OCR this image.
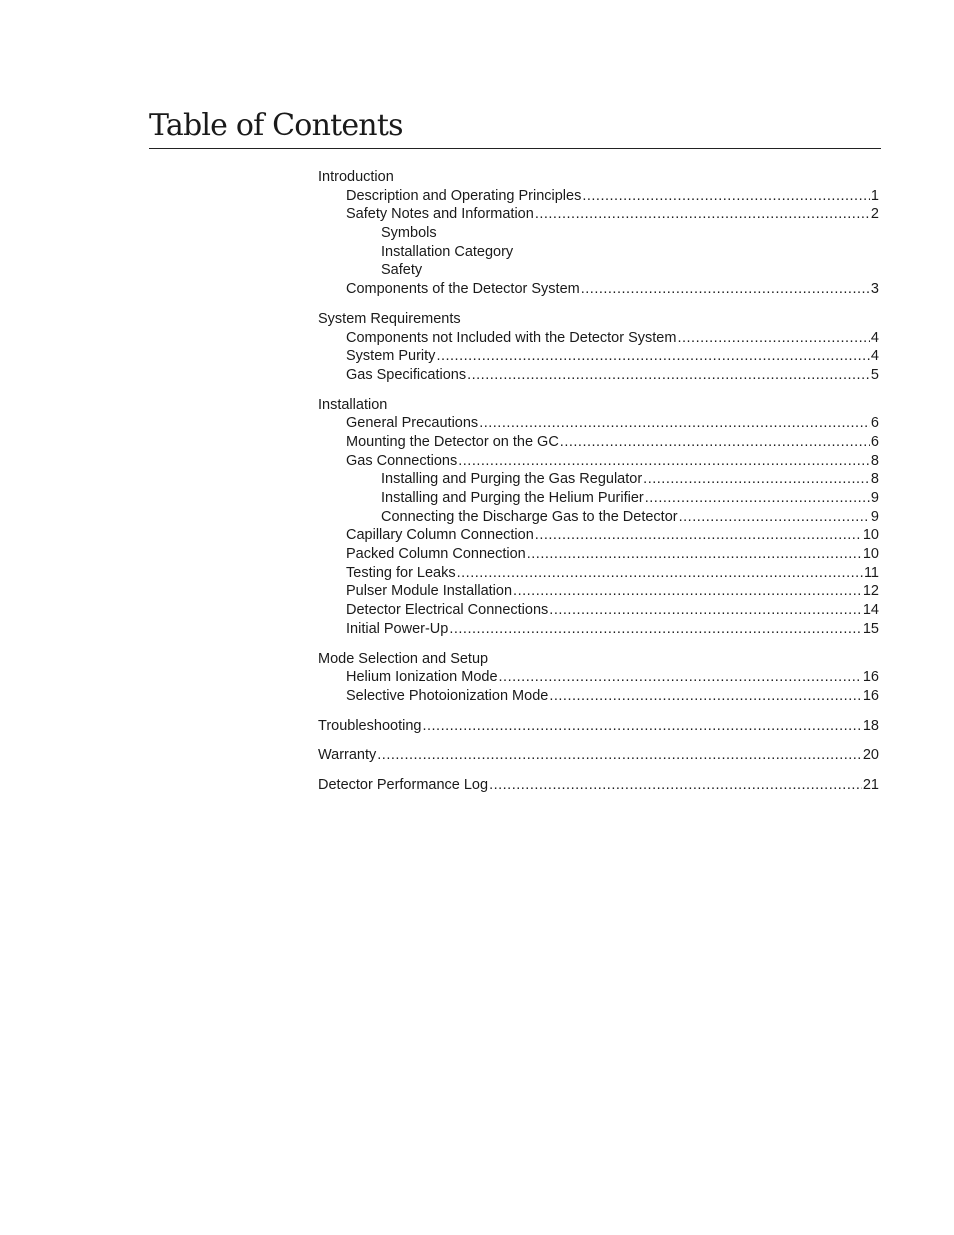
Table of Contents
Introduction
Description and Operating Principles .....	1
Safety Notes and Information .....	2
Symbols
Installation Category
Safety
Components of the Detector System .....	3
System Requirements
Components not Included with the Detector System .....	4
System Purity .....	4
Gas Specifications .....	5
Installation
General Precautions .....	6
Mounting the Detector on the GC .....	6
Gas Connections .....	8
Installing and Purging the Gas Regulator .....	8
Installing and Purging the Helium Purifier .....	9
Connecting the Discharge Gas to the Detector .....	9
Capillary Column Connection .....	10
Packed Column Connection .....	10
Testing for Leaks .....	11
Pulser Module Installation .....	12
Detector Electrical Connections .....	14
Initial Power-Up .....	15
Mode Selection and Setup
Helium Ionization Mode .....	16
Selective Photoionization Mode .....	16
Troubleshooting .....	18
Warranty .....	20
Detector Performance Log .....	21
